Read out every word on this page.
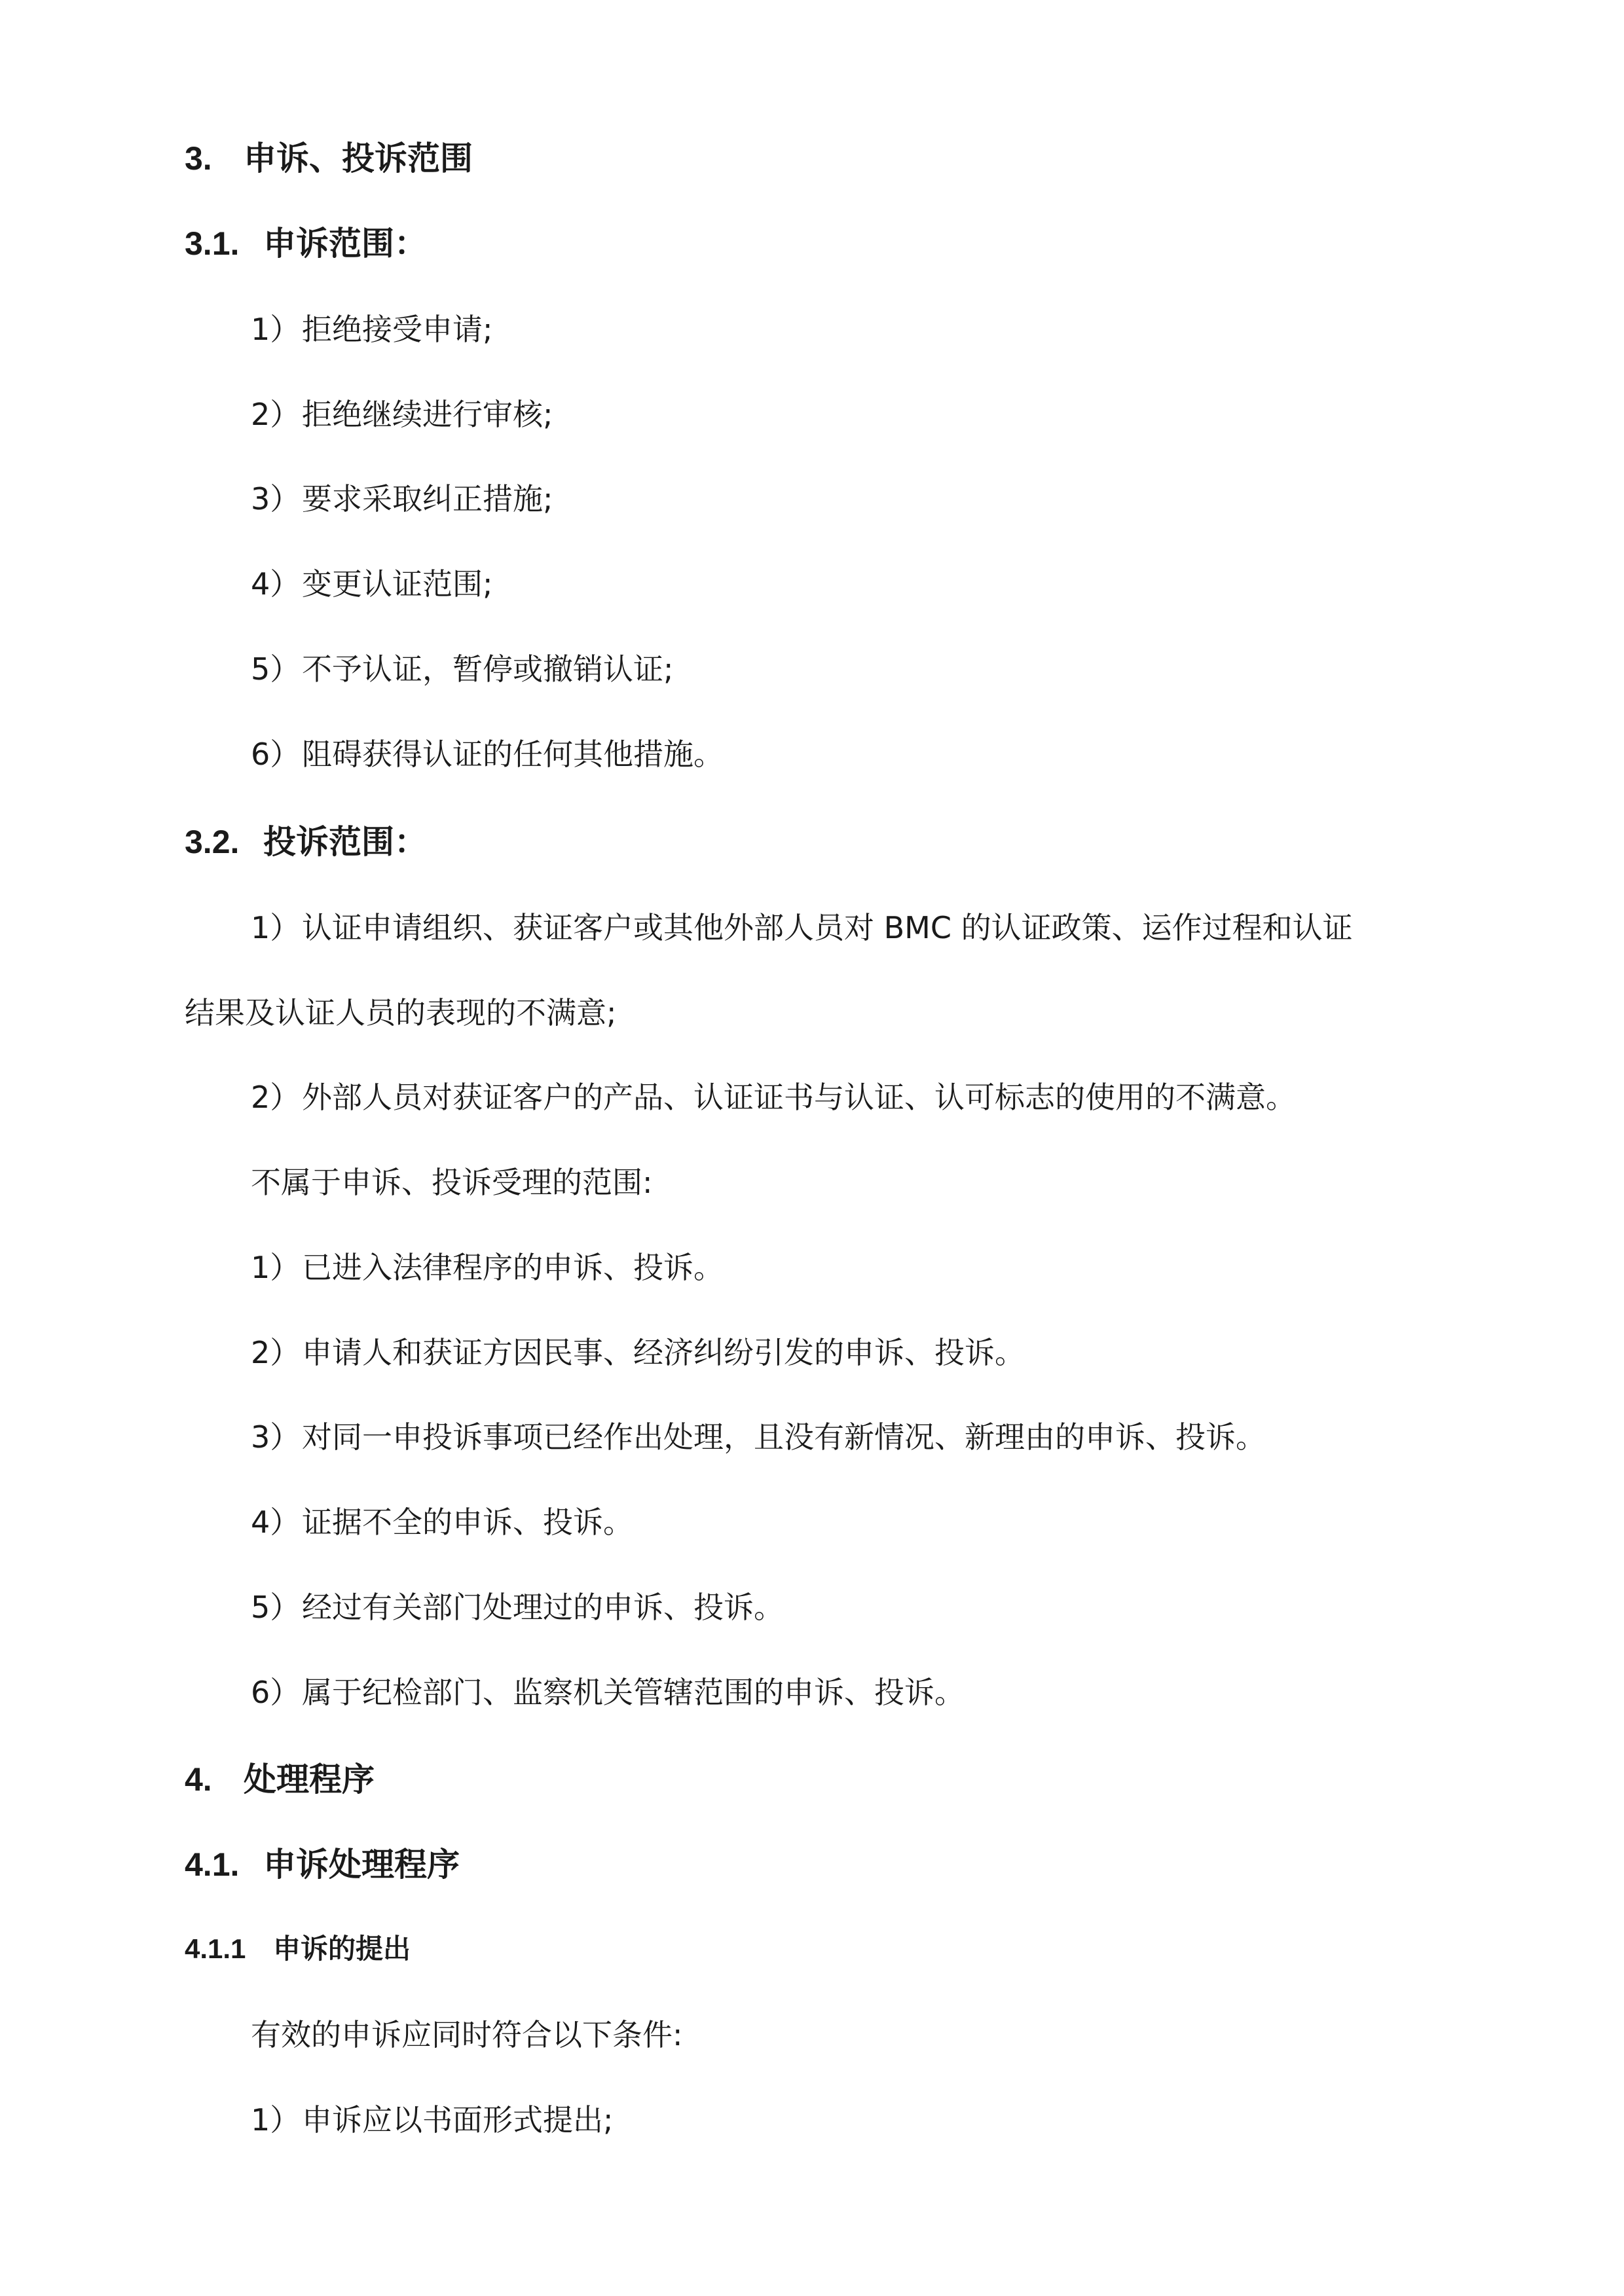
3. 申诉、投诉范围
3.1. 申诉范围：
1）拒绝接受申请;
2）拒绝继续进行审核;
3）要求采取纠正措施;
4）变更认证范围;
5）不予认证，暂停或撤销认证;
6）阻碍获得认证的任何其他措施。
3.2. 投诉范围：
1）认证申请组织、获证客户或其他外部人员对 BMC 的认证政策、运作过程和认证
结果及认证人员的表现的不满意;
2）外部人员对获证客户的产品、认证证书与认证、认可标志的使用的不满意。
不属于申诉、投诉受理的范围:
1）已进入法律程序的申诉、投诉。
2）申请人和获证方因民事、经济纠纷引发的申诉、投诉。
3）对同一申投诉事项已经作出处理，且没有新情况、新理由的申诉、投诉。
4）证据不全的申诉、投诉。
5）经过有关部门处理过的申诉、投诉。
6）属于纪检部门、监察机关管辖范围的申诉、投诉。
4. 处理程序
4.1. 申诉处理程序
4.1.1 申诉的提出
有效的申诉应同时符合以下条件:
1）申诉应以书面形式提出;
